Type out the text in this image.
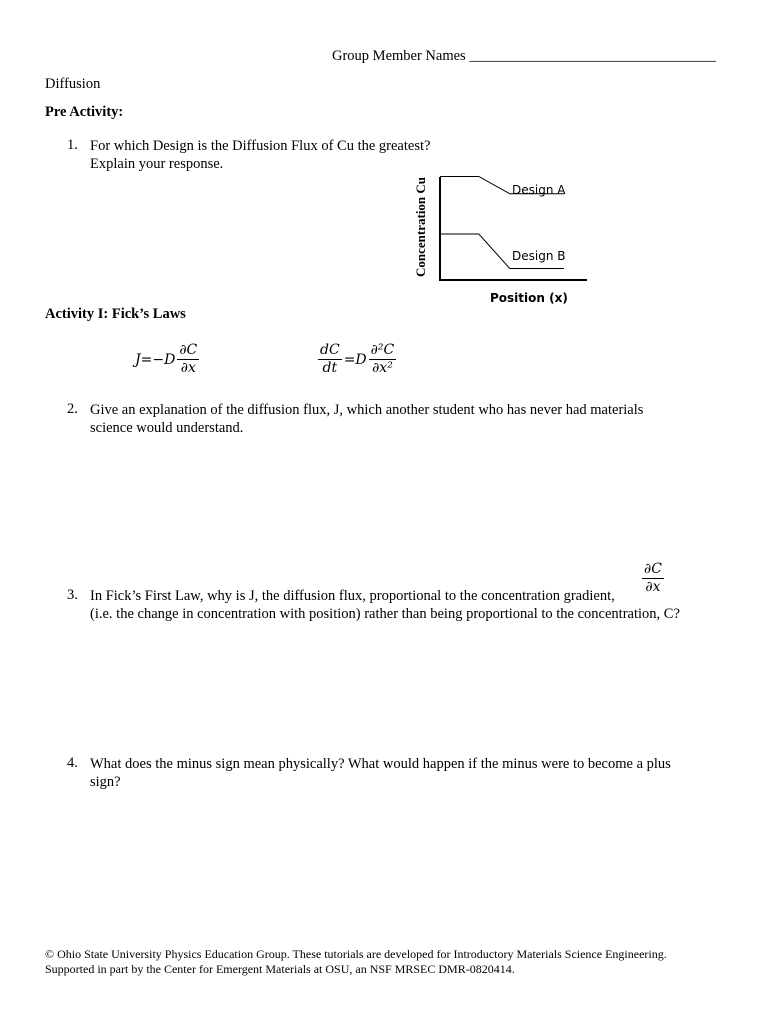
Group Member Names __________________________________
Diffusion
Pre Activity:
1. For which Design is the Diffusion Flux of Cu the greatest?
Explain your response.
Concentration Cu	Design A
Design B
Position (x)
Activity I: Fick’s Laws
$J=-D \frac{\partial C}{\partial x}$	$\frac{dC}{dt} =D \frac{\text{∂²C}}{\text{∂x²}}$
2. Give an explanation of the diffusion flux, J, which another student who has never had materials
science would understand.
$\frac{\partial C}{\partial x}$
3. In Fick’s First Law, why is J, the diffusion flux, proportional to the concentration gradient,
(i.e. the change in concentration with position) rather than being proportional to the concentration, C?
4. What does the minus sign mean physically? What would happen if the minus were to become a plus
sign?
© Ohio State University Physics Education Group. These tutorials are developed for Introductory Materials Science Engineering.
Supported in part by the Center for Emergent Materials at OSU, an NSF MRSEC DMR-0820414.
